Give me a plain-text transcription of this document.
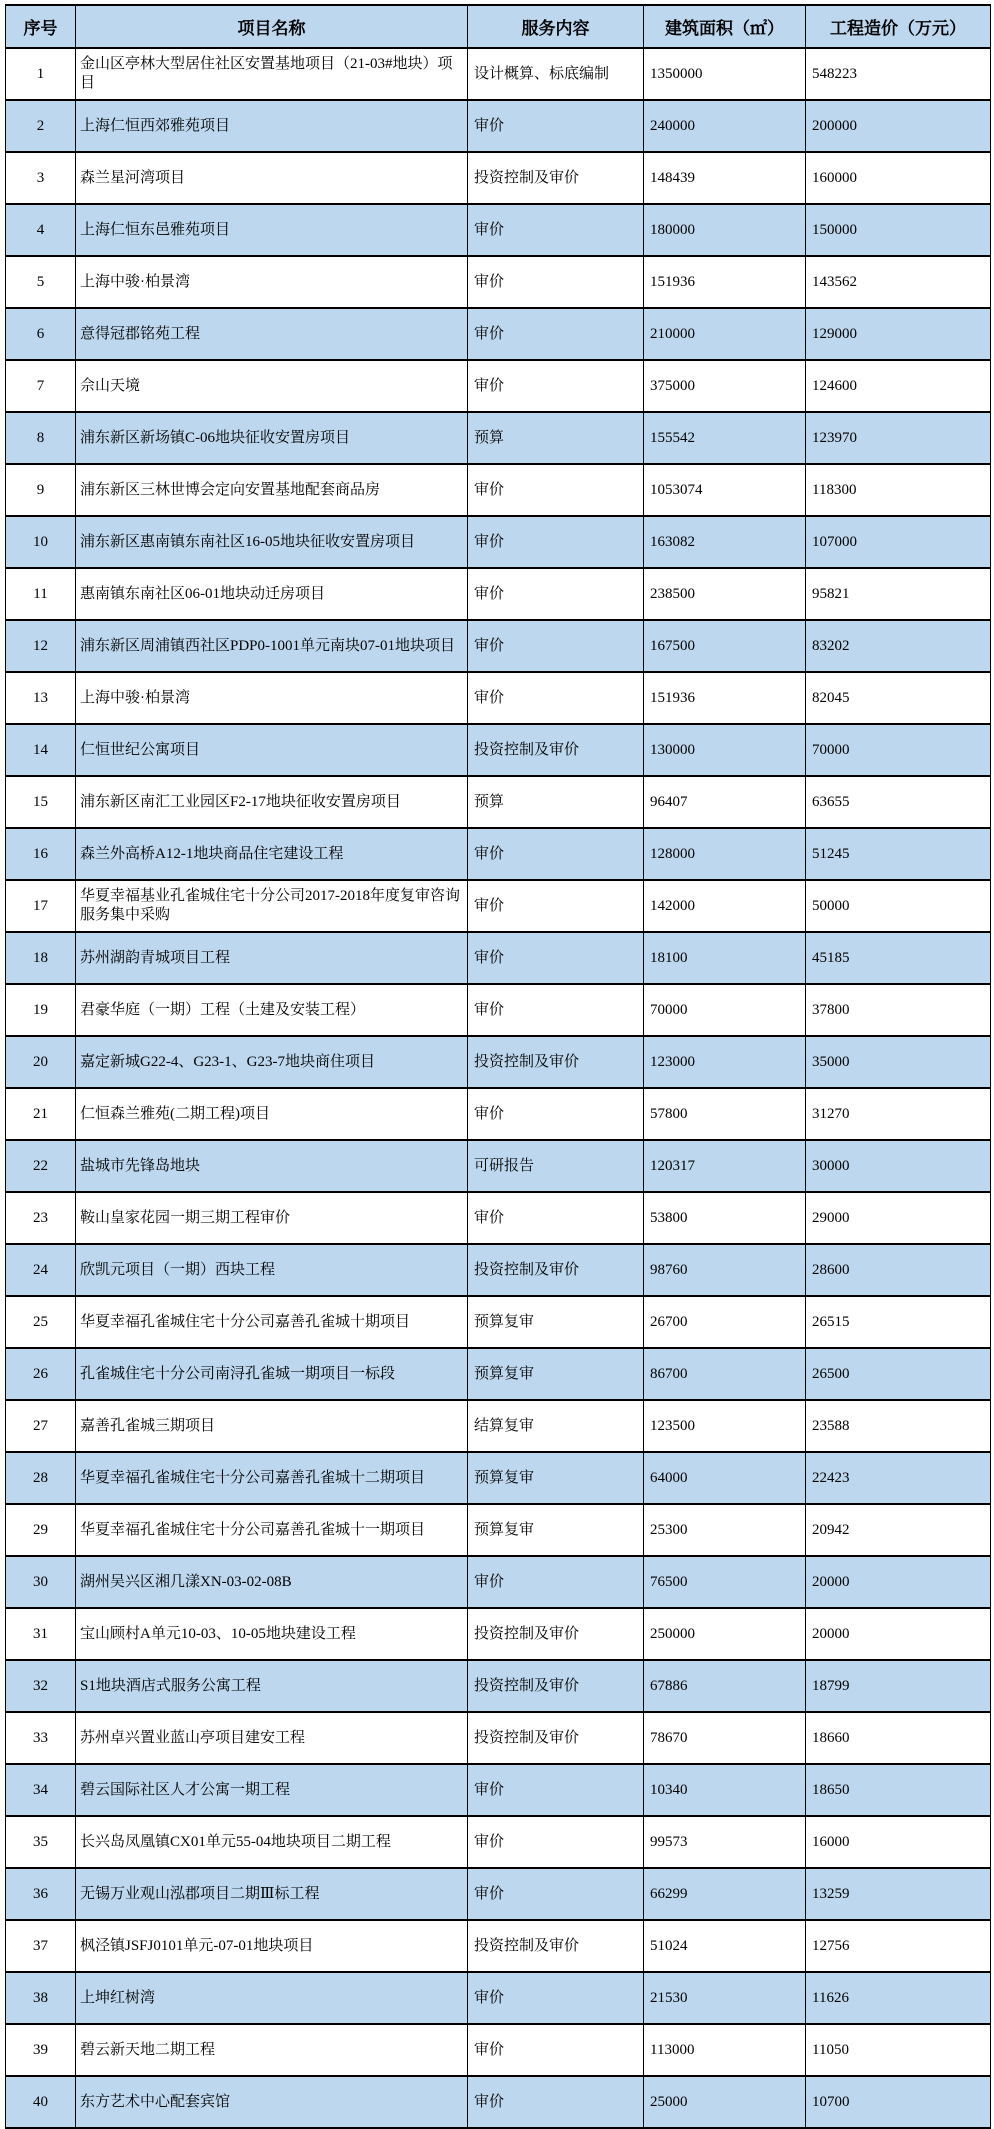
序号	项目名称	服务内容	建筑面积（㎡）	工程造价（万元）
1	金山区亭林大型居住社区安置基地项目（21-03#地块）项目	设计概算、标底编制	1350000	548223
2	上海仁恒西郊雅苑项目	审价	240000	200000
3	森兰星河湾项目	投资控制及审价	148439	160000
4	上海仁恒东邑雅苑项目	审价	180000	150000
5	上海中骏·柏景湾	审价	151936	143562
6	意得冠郡铭苑工程	审价	210000	129000
7	佘山天境	审价	375000	124600
8	浦东新区新场镇C-06地块征收安置房项目	预算	155542	123970
9	浦东新区三林世博会定向安置基地配套商品房	审价	1053074	118300
10	浦东新区惠南镇东南社区16-05地块征收安置房项目	审价	163082	107000
11	惠南镇东南社区06-01地块动迁房项目	审价	238500	95821
12	浦东新区周浦镇西社区PDP0-1001单元南块07-01地块项目	审价	167500	83202
13	上海中骏·柏景湾	审价	151936	82045
14	仁恒世纪公寓项目	投资控制及审价	130000	70000
15	浦东新区南汇工业园区F2-17地块征收安置房项目	预算	96407	63655
16	森兰外高桥A12-1地块商品住宅建设工程	审价	128000	51245
17	华夏幸福基业孔雀城住宅十分公司2017-2018年度复审咨询服务集中采购	审价	142000	50000
18	苏州湖韵青城项目工程	审价	18100	45185
19	君豪华庭（一期）工程（土建及安装工程）	审价	70000	37800
20	嘉定新城G22-4、G23-1、G23-7地块商住项目	投资控制及审价	123000	35000
21	仁恒森兰雅苑(二期工程)项目	审价	57800	31270
22	盐城市先锋岛地块	可研报告	120317	30000
23	鞍山皇家花园一期三期工程审价	审价	53800	29000
24	欣凯元项目（一期）西块工程	投资控制及审价	98760	28600
25	华夏幸福孔雀城住宅十分公司嘉善孔雀城十期项目	预算复审	26700	26515
26	孔雀城住宅十分公司南浔孔雀城一期项目一标段	预算复审	86700	26500
27	嘉善孔雀城三期项目	结算复审	123500	23588
28	华夏幸福孔雀城住宅十分公司嘉善孔雀城十二期项目	预算复审	64000	22423
29	华夏幸福孔雀城住宅十分公司嘉善孔雀城十一期项目	预算复审	25300	20942
30	湖州吴兴区湘几漾XN-03-02-08B	审价	76500	20000
31	宝山顾村A单元10-03、10-05地块建设工程	投资控制及审价	250000	20000
32	S1地块酒店式服务公寓工程	投资控制及审价	67886	18799
33	苏州卓兴置业蓝山亭项目建安工程	投资控制及审价	78670	18660
34	碧云国际社区人才公寓一期工程	审价	10340	18650
35	长兴岛凤凰镇CX01单元55-04地块项目二期工程	审价	99573	16000
36	无锡万业观山泓郡项目二期Ⅲ标工程	审价	66299	13259
37	枫泾镇JSFJ0101单元-07-01地块项目	投资控制及审价	51024	12756
38	上坤红树湾	审价	21530	11626
39	碧云新天地二期工程	审价	113000	11050
40	东方艺术中心配套宾馆	审价	25000	10700
